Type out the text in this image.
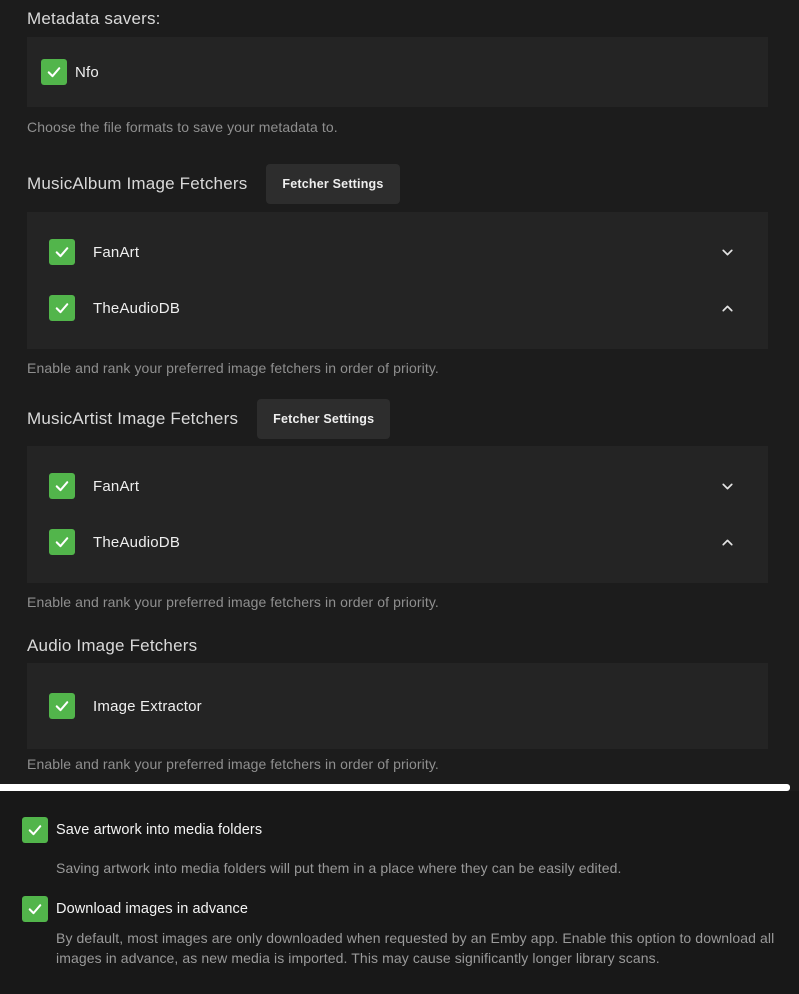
Metadata savers:
Nfo
Choose the file formats to save your metadata to.
MusicAlbum Image Fetchers	Fetcher Settings
FanArt
TheAudioDB
Enable and rank your preferred image fetchers in order of priority.
MusicArtist Image Fetchers	Fetcher Settings
FanArt
TheAudioDB
Enable and rank your preferred image fetchers in order of priority.
Audio Image Fetchers
Image Extractor
Enable and rank your preferred image fetchers in order of priority.
Save artwork into media folders
Saving artwork into media folders will put them in a place where they can be easily edited.
Download images in advance
By default, most images are only downloaded when requested by an Emby app. Enable this option to download all images in advance, as new media is imported. This may cause significantly longer library scans.
